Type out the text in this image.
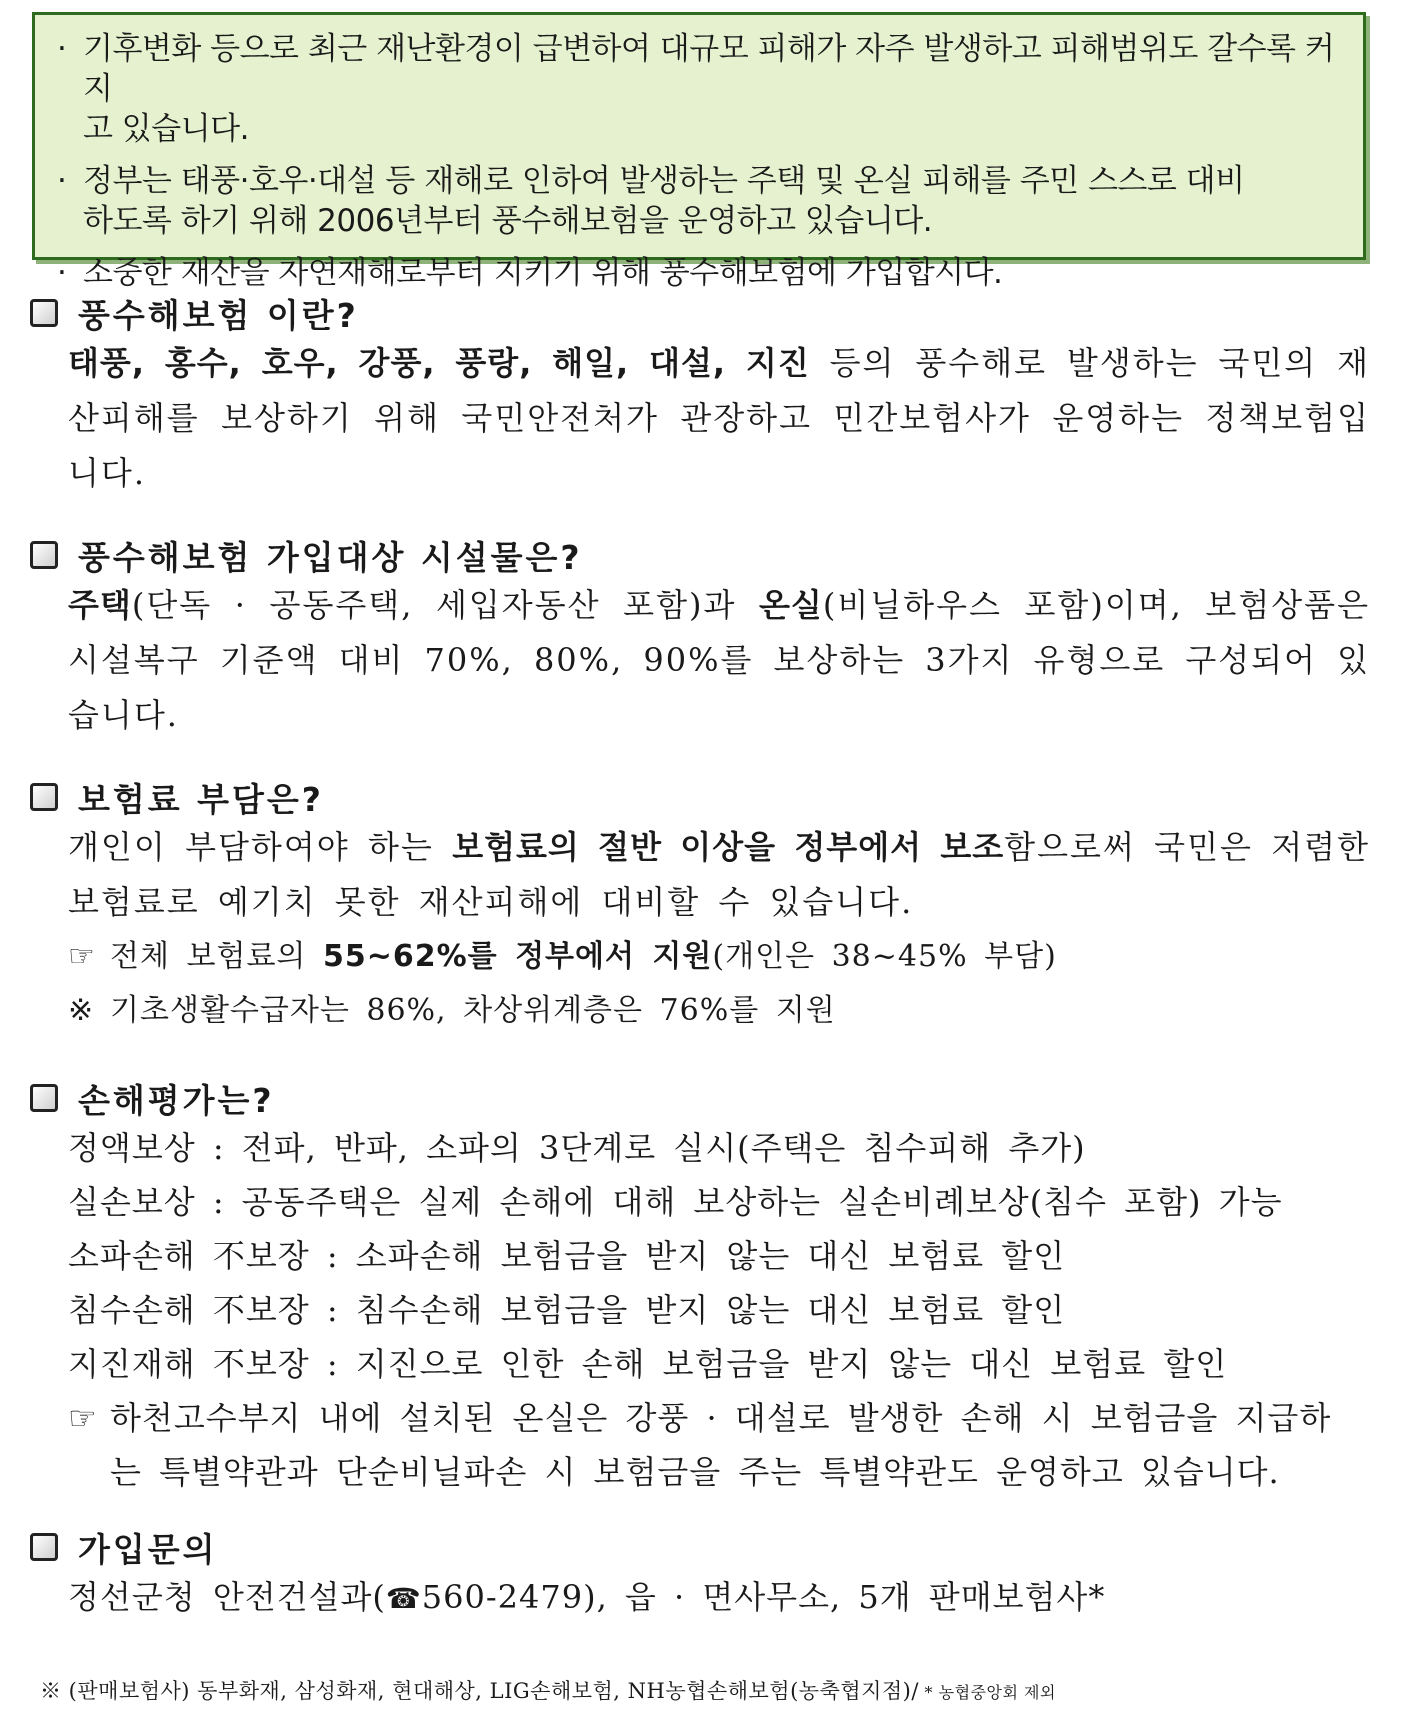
· 기후변화 등으로 최근 재난환경이 급변하여 대규모 피해가 자주 발생하고 피해범위도 갈수록 커지
고 있습니다.
· 정부는 태풍·호우·대설 등 재해로 인하여 발생하는 주택 및 온실 피해를 주민 스스로 대비
하도록 하기 위해 2006년부터 풍수해보험을 운영하고 있습니다.
· 소중한 재산을 자연재해로부터 지키기 위해 풍수해보험에 가입합시다.
풍수해보험 이란?
태풍, 홍수, 호우, 강풍, 풍랑, 해일, 대설, 지진 등의 풍수해로 발생하는 국민의 재산피해를 보상하기 위해 국민안전처가 관장하고 민간보험사가 운영하는 정책보험입니다.
풍수해보험 가입대상 시설물은?
주택(단독 · 공동주택, 세입자동산 포함)과 온실(비닐하우스 포함)이며, 보험상품은 시설복구 기준액 대비 70%, 80%, 90%를 보상하는 3가지 유형으로 구성되어 있습니다.
보험료 부담은?
개인이 부담하여야 하는 보험료의 절반 이상을 정부에서 보조함으로써 국민은 저렴한 보험료로 예기치 못한 재산피해에 대비할 수 있습니다.
☞ 전체 보험료의 55~62%를 정부에서 지원(개인은 38~45% 부담)
※ 기초생활수급자는 86%, 차상위계층은 76%를 지원
손해평가는?
정액보상 : 전파, 반파, 소파의 3단계로 실시(주택은 침수피해 추가)
실손보상 : 공동주택은 실제 손해에 대해 보상하는 실손비례보상(침수 포함) 가능
소파손해 不보장 : 소파손해 보험금을 받지 않는 대신 보험료 할인
침수손해 不보장 : 침수손해 보험금을 받지 않는 대신 보험료 할인
지진재해 不보장 : 지진으로 인한 손해 보험금을 받지 않는 대신 보험료 할인
☞ 하천고수부지 내에 설치된 온실은 강풍 · 대설로 발생한 손해 시 보험금을 지급하
는 특별약관과 단순비닐파손 시 보험금을 주는 특별약관도 운영하고 있습니다.
가입문의
정선군청 안전건설과(☎560-2479), 읍 · 면사무소, 5개 판매보험사*
※ (판매보험사) 동부화재, 삼성화재, 현대해상, LIG손해보험, NH농협손해보험(농축협지점)/ * 농협중앙회 제외
